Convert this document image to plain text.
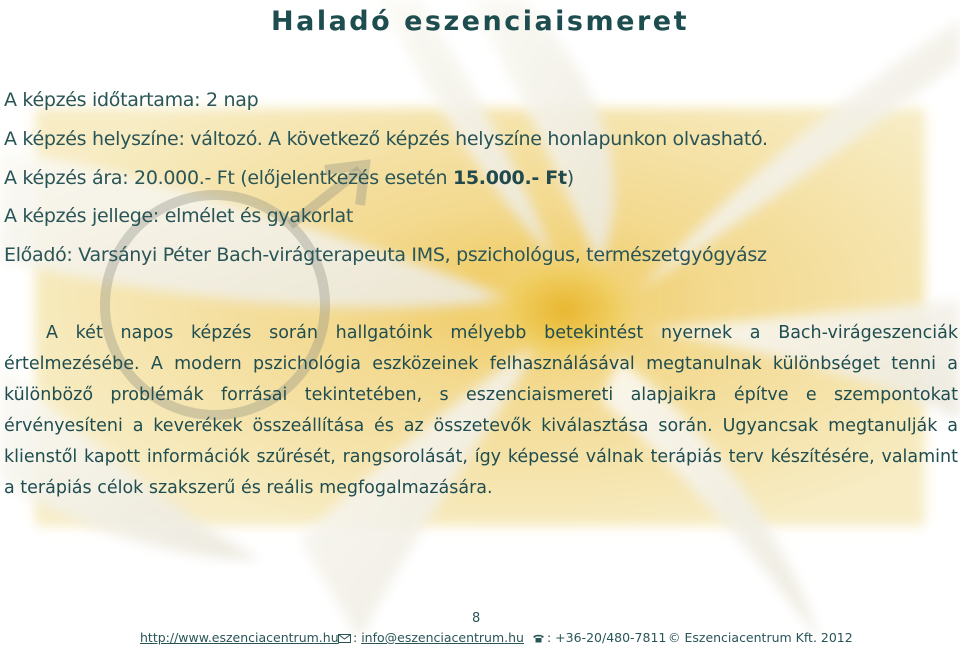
Haladó eszenciaismeret
A képzés időtartama: 2 nap
A képzés helyszíne: változó. A következő képzés helyszíne honlapunkon olvasható.
A képzés ára: 20.000.- Ft (előjelentkezés esetén 15.000.- Ft)
A képzés jellege: elmélet és gyakorlat
Előadó: Varsányi Péter Bach-virágterapeuta IMS, pszichológus, természetgyógyász
A két napos képzés során hallgatóink mélyebb betekintést nyernek a Bach-virágeszenciák értelmezésébe. A modern pszichológia eszközeinek felhasználásával megtanulnak különbséget tenni a különböző problémák forrásai tekintetében, s eszenciaismereti alapjaikra építve e szempontokat érvényesíteni a keverékek összeállítása és az összetevők kiválasztása során. Ugyancsak megtanulják a klienstől kapott információk szűrését, rangsorolását, így képessé válnak terápiás terv készítésére, valamint a terápiás célok szakszerű és reális megfogalmazására.
8
http://www.eszenciacentrum.hu	: info@eszenciacentrum.hu	: +36-20/480-7811 © Eszenciacentrum Kft. 2012
